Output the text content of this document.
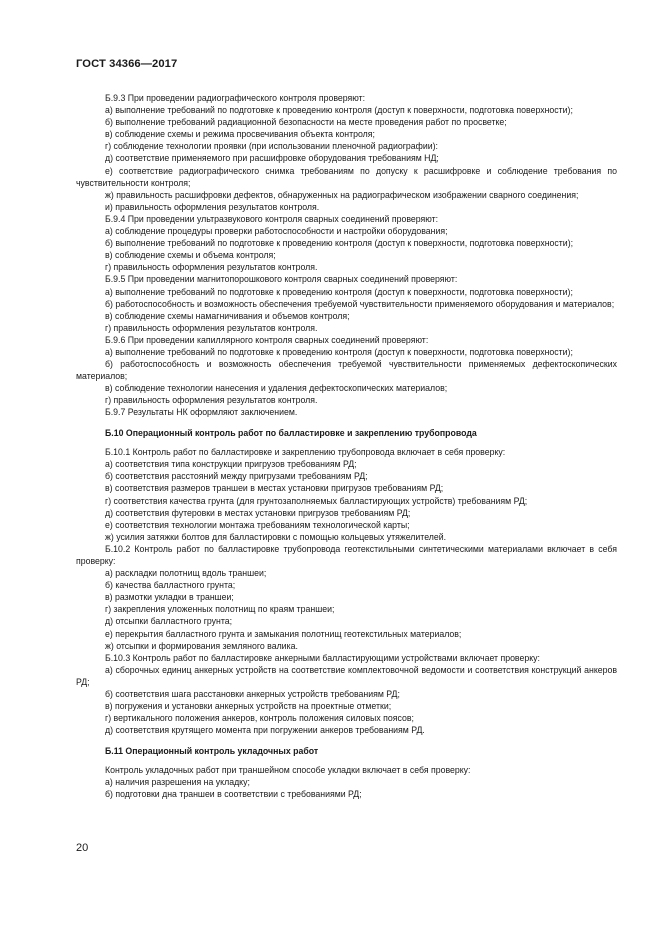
ГОСТ 34366—2017

Б.9.3 При проведении радиографического контроля проверяют:

а) выполнение требований по подготовке к проведению контроля (доступ к поверхности, подготовка поверхности);

б) выполнение требований радиационной безопасности на месте проведения работ по просветке;

в) соблюдение схемы и режима просвечивания объекта контроля;

г) соблюдение технологии проявки (при использовании пленочной радиографии):

д) соответствие применяемого при расшифровке оборудования требованиям НД;

е) соответствие радиографического снимка требованиям по допуску к расшифровке и соблюдение требования по чувствительности контроля;

ж) правильность расшифровки дефектов, обнаруженных на радиографическом изображении сварного соединения;

и) правильность оформления результатов контроля.

Б.9.4 При проведении ультразвукового контроля сварных соединений проверяют:

а) соблюдение процедуры проверки работоспособности и настройки оборудования;

б) выполнение требований по подготовке к проведению контроля (доступ к поверхности, подготовка поверхности);

в) соблюдение схемы и объема контроля;

г) правильность оформления результатов контроля.

Б.9.5 При проведении магнитопорошкового контроля сварных соединений проверяют:

а) выполнение требований по подготовке к проведению контроля (доступ к поверхности, подготовка поверхности);

б) работоспособность и возможность обеспечения требуемой чувствительности применяемого оборудования и материалов;

в) соблюдение схемы намагничивания и объемов контроля;

г) правильность оформления результатов контроля.

Б.9.6 При проведении капиллярного контроля сварных соединений проверяют:

а) выполнение требований по подготовке к проведению контроля (доступ к поверхности, подготовка поверхности);

б) работоспособность и возможность обеспечения требуемой чувствительности применяемых дефектоскопических материалов;

в) соблюдение технологии нанесения и удаления дефектоскопических материалов;

г) правильность оформления результатов контроля.

Б.9.7 Результаты НК оформляют заключением.

Б.10 Операционный контроль работ по балластировке и закреплению трубопровода

Б.10.1 Контроль работ по балластировке и закреплению трубопровода включает в себя проверку:

а) соответствия типа конструкции пригрузов требованиям РД;

б) соответствия расстояний между пригрузами требованиям РД;

в) соответствия размеров траншеи в местах установки пригрузов требованиям РД;

г) соответствия качества грунта (для грунтозаполняемых балластирующих устройств) требованиям РД;

д) соответствия футеровки в местах установки пригрузов требованиям РД;

е) соответствия технологии монтажа требованиям технологической карты;

ж) усилия затяжки болтов для балластировки с помощью кольцевых утяжелителей.

Б.10.2 Контроль работ по балластировке трубопровода геотекстильными синтетическими материалами включает в себя проверку:

а) раскладки полотнищ вдоль траншеи;

б) качества балластного грунта;

в) размотки укладки в траншеи;

г) закрепления уложенных полотнищ по краям траншеи;

д) отсыпки балластного грунта;

е) перекрытия балластного грунта и замыкания полотнищ геотекстильных материалов;

ж) отсыпки и формирования земляного валика.

Б.10.3 Контроль работ по балластировке анкерными балластирующими устройствами включает проверку:

а) сборочных единиц анкерных устройств на соответствие комплектовочной ведомости и соответствия конструкций анкеров РД;

б) соответствия шага расстановки анкерных устройств требованиям РД;

в) погружения и установки анкерных устройств на проектные отметки;

г) вертикального положения анкеров, контроль положения силовых поясов;

д) соответствия крутящего момента при погружении анкеров требованиям РД.

Б.11 Операционный контроль укладочных работ

Контроль укладочных работ при траншейном способе укладки включает в себя проверку:

а) наличия разрешения на укладку;

б) подготовки дна траншеи в соответствии с требованиями РД;

20
